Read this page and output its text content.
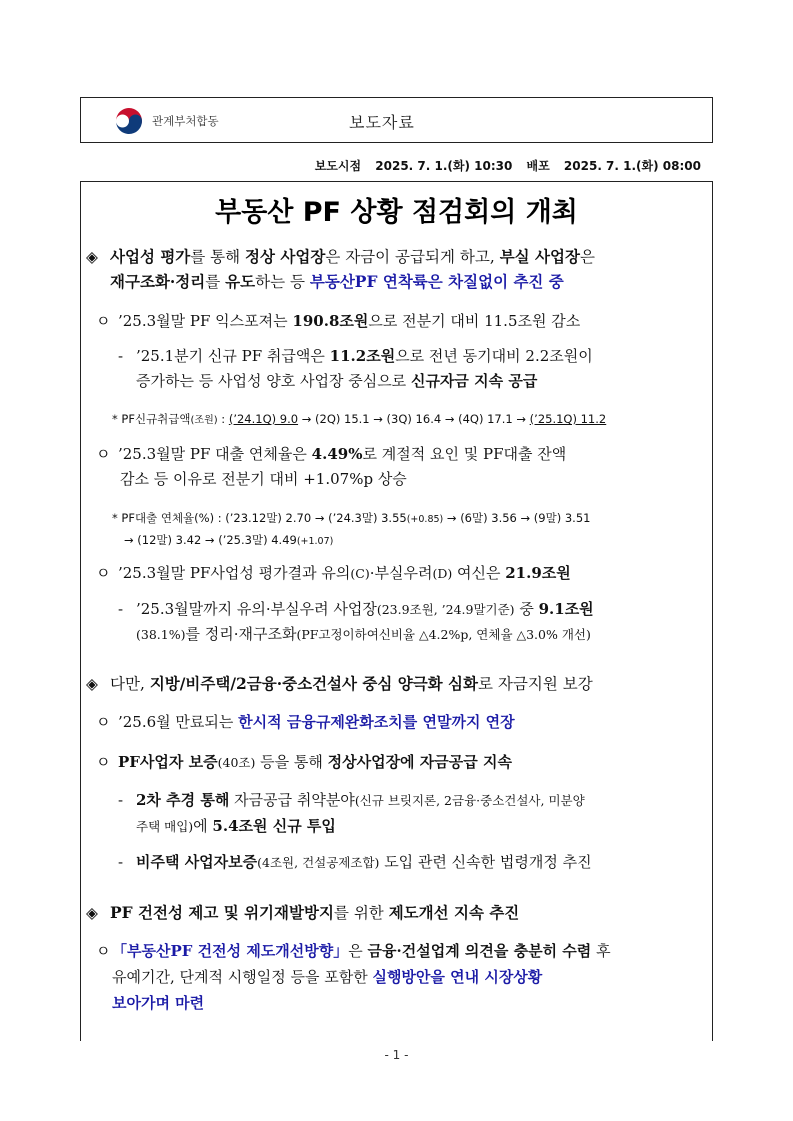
관계부처합동	보도자료
보도시점 2025. 7. 1.(화) 10:30 배포 2025. 7. 1.(화) 08:00
부동산 PF 상황 점검회의 개최
◈ 사업성 평가를 통해 정상 사업장은 자금이 공급되게 하고, 부실 사업장은
재구조화·정리를 유도하는 등 부동산PF 연착륙은 차질없이 추진 중
ㅇ ’25.3월말 PF 익스포져는 190.8조원으로 전분기 대비 11.5조원 감소
- ’25.1분기 신규 PF 취급액은 11.2조원으로 전년 동기대비 2.2조원이
증가하는 등 사업성 양호 사업장 중심으로 신규자금 지속 공급
* PF신규취급액(조원) : (’24.1Q) 9.0 → (2Q) 15.1 → (3Q) 16.4 → (4Q) 17.1 → (’25.1Q) 11.2
ㅇ ’25.3월말 PF 대출 연체율은 4.49%로 계절적 요인 및 PF대출 잔액
감소 등 이유로 전분기 대비 +1.07%p 상승
* PF대출 연체율(%) : (’23.12말) 2.70 → (’24.3말) 3.55(+0.85) → (6말) 3.56 → (9말) 3.51
→ (12말) 3.42 → (’25.3말) 4.49(+1.07)
ㅇ ’25.3월말 PF사업성 평가결과 유의(C)·부실우려(D) 여신은 21.9조원
- ’25.3월말까지 유의·부실우려 사업장(23.9조원, ’24.9말기준) 중 9.1조원
(38.1%)를 정리·재구조화(PF고정이하여신비율 △4.2%p, 연체율 △3.0% 개선)
◈ 다만, 지방/비주택/2금융·중소건설사 중심 양극화 심화로 자금지원 보강
ㅇ ’25.6월 만료되는 한시적 금융규제완화조치를 연말까지 연장
ㅇ PF사업자 보증(40조) 등을 통해 정상사업장에 자금공급 지속
- 2차 추경 통해 자금공급 취약분야(신규 브릿지론, 2금융·중소건설사, 미분양
주택 매입)에 5.4조원 신규 투입
- 비주택 사업자보증(4조원, 건설공제조합) 도입 관련 신속한 법령개정 추진
◈ PF 건전성 제고 및 위기재발방지를 위한 제도개선 지속 추진
ㅇ 「부동산PF 건전성 제도개선방향」은 금융·건설업계 의견을 충분히 수렴 후
유예기간, 단계적 시행일정 등을 포함한 실행방안을 연내 시장상황
보아가며 마련
- 1 -
